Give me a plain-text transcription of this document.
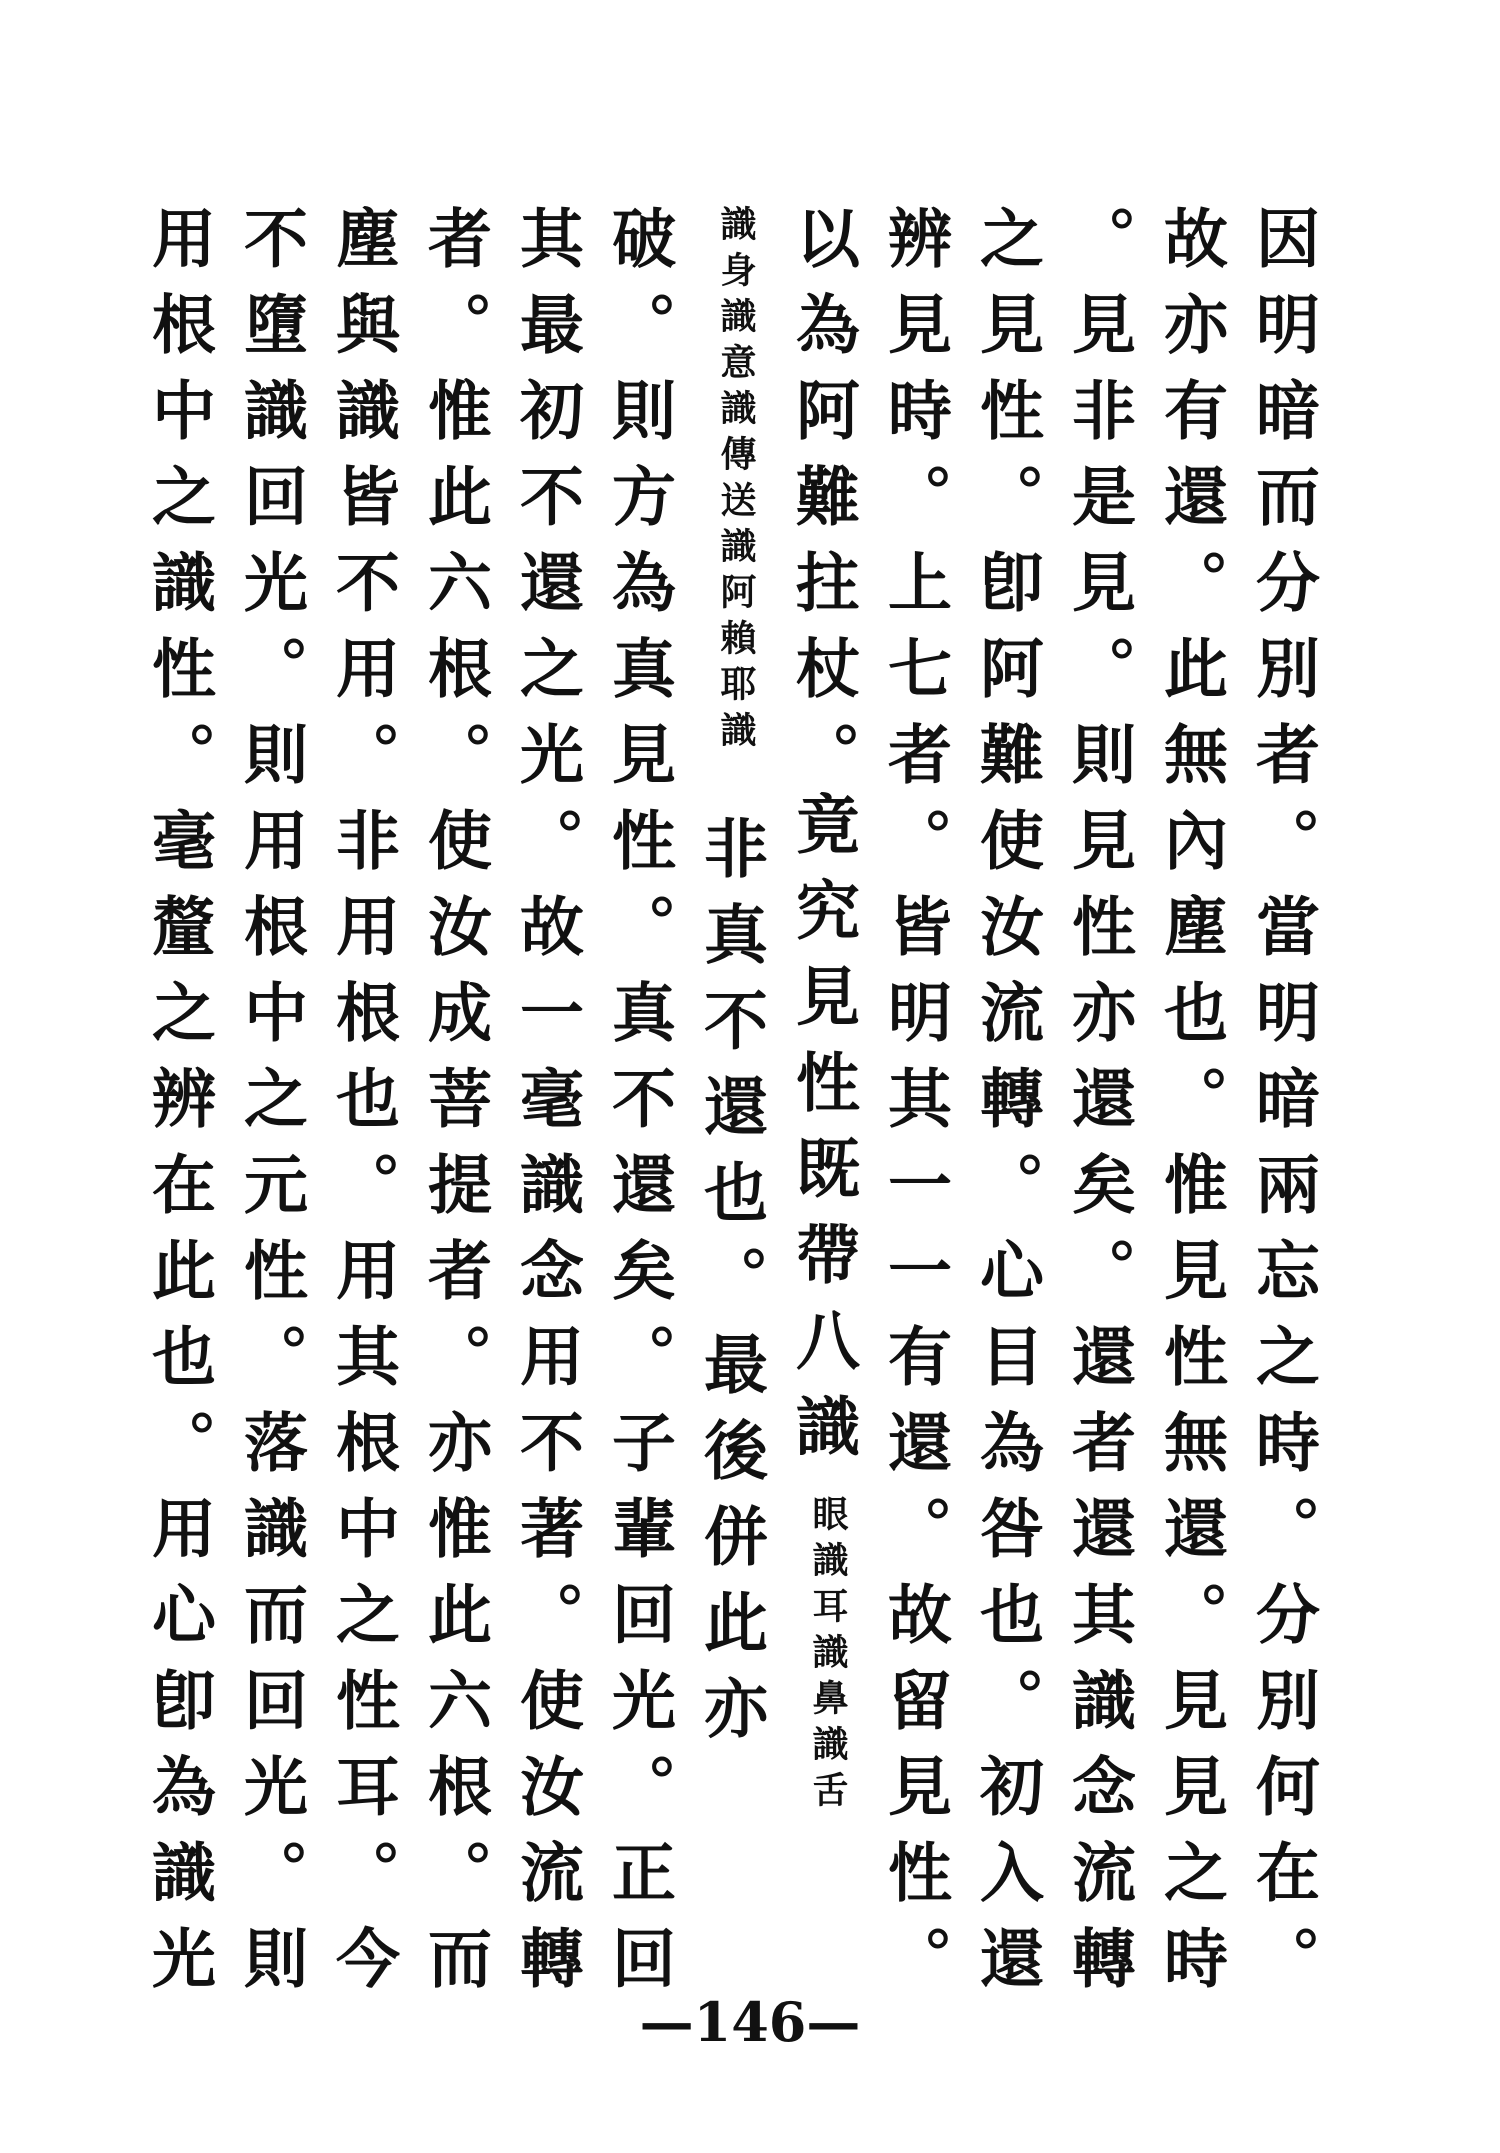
因明暗而分別者。當明暗兩忘之時。分別何在。
故亦有還。此無內塵也。惟見性無還。見見之時
。見非是見。則見性亦還矣。還者還其識念流轉
之見性。卽阿難使汝流轉。心目為咎也。初入還
辨見時。上七者。皆明其一一有還。故留見性。
以為阿難拄杖。
竟究見性既帶八識
眼識耳識鼻識舌
識身識意識傳送識阿賴耶識
非真不還也。最後併此亦
破。則方為真見性。真不還矣。子輩回光。正回
其最初不還之光。故一毫識念用不著。使汝流轉
者。惟此六根。使汝成菩提者。亦惟此六根。而
塵與識皆不用。非用根也。用其根中之性耳。今
不墮識回光。則用根中之元性。落識而回光。則
用根中之識性。毫釐之辨在此也。用心卽為識光
—146—
